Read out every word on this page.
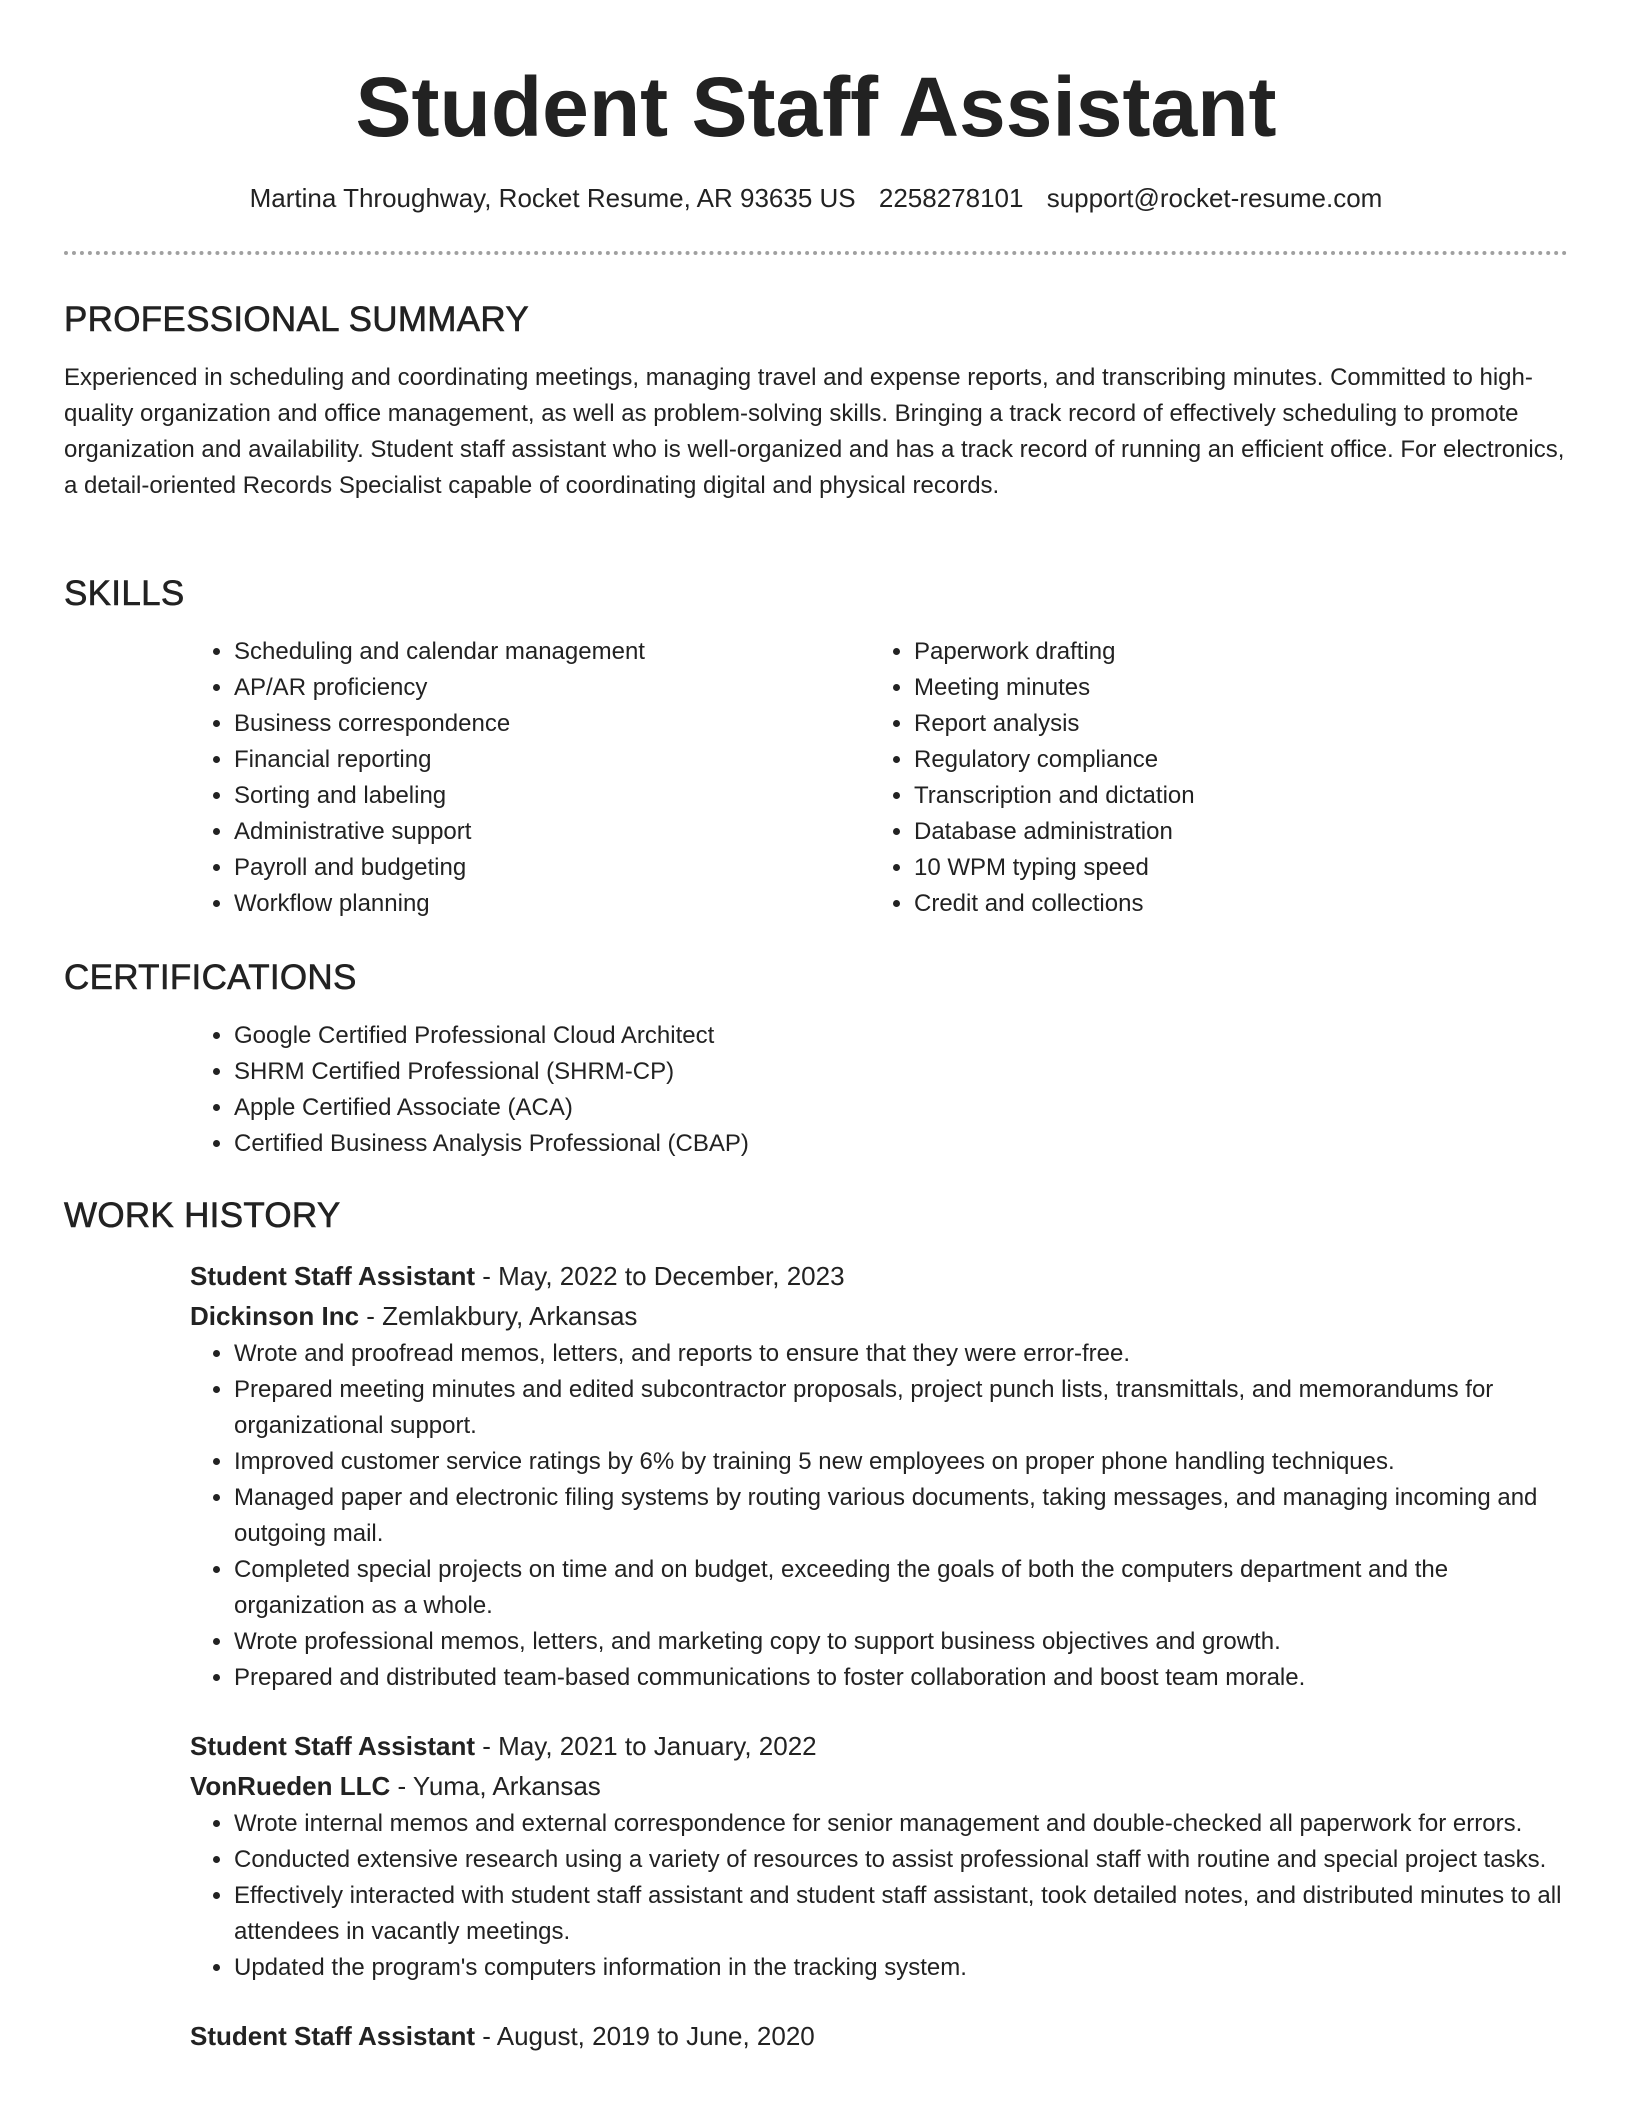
Student Staff Assistant
Martina Throughway, Rocket Resume, AR 93635 US 2258278101 support@rocket-resume.com
PROFESSIONAL SUMMARY

Experienced in scheduling and coordinating meetings, managing travel and expense reports, and transcribing minutes. Committed to high-quality organization and office management, as well as problem-solving skills. Bringing a track record of effectively scheduling to promote organization and availability. Student staff assistant who is well-organized and has a track record of running an efficient office. For electronics, a detail-oriented Records Specialist capable of coordinating digital and physical records.

SKILLS
• Scheduling and calendar management
• AP/AR proficiency
• Business correspondence
• Financial reporting
• Sorting and labeling
• Administrative support
• Payroll and budgeting
• Workflow planning
• Paperwork drafting
• Meeting minutes
• Report analysis
• Regulatory compliance
• Transcription and dictation
• Database administration
• 10 WPM typing speed
• Credit and collections
CERTIFICATIONS
• Google Certified Professional Cloud Architect
• SHRM Certified Professional (SHRM-CP)
• Apple Certified Associate (ACA)
• Certified Business Analysis Professional (CBAP)
WORK HISTORY
Student Staff Assistant - May, 2022 to December, 2023
Dickinson Inc - Zemlakbury, Arkansas
• Wrote and proofread memos, letters, and reports to ensure that they were error-free.
• Prepared meeting minutes and edited subcontractor proposals, project punch lists, transmittals, and memorandums for organizational support.
• Improved customer service ratings by 6% by training 5 new employees on proper phone handling techniques.
• Managed paper and electronic filing systems by routing various documents, taking messages, and managing incoming and outgoing mail.
• Completed special projects on time and on budget, exceeding the goals of both the computers department and the organization as a whole.
• Wrote professional memos, letters, and marketing copy to support business objectives and growth.
• Prepared and distributed team-based communications to foster collaboration and boost team morale.
Student Staff Assistant - May, 2021 to January, 2022
VonRueden LLC - Yuma, Arkansas
• Wrote internal memos and external correspondence for senior management and double-checked all paperwork for errors.
• Conducted extensive research using a variety of resources to assist professional staff with routine and special project tasks.
• Effectively interacted with student staff assistant and student staff assistant, took detailed notes, and distributed minutes to all attendees in vacantly meetings.
• Updated the program's computers information in the tracking system.
Student Staff Assistant - August, 2019 to June, 2020
